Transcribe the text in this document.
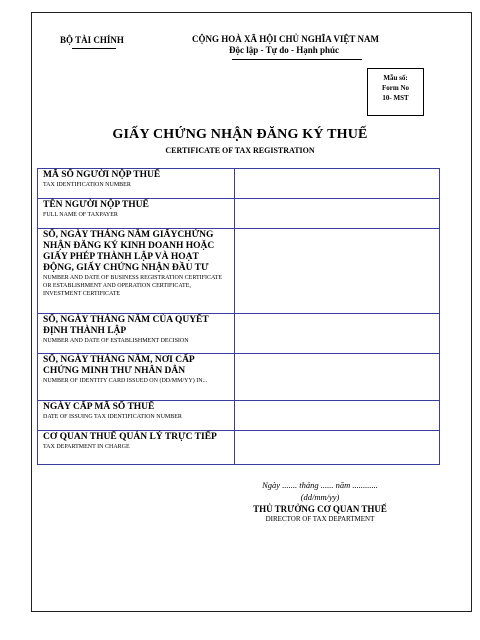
BỘ TÀI CHÍNH	CỘNG HOÀ XÃ HỘI CHỦ NGHĨA VIỆT NAM
Độc lập - Tự do - Hạnh phúc
Mẫu số:
Form No
10- MST
GIẤY CHỨNG NHẬN ĐĂNG KÝ THUẾ
CERTIFICATE OF TAX REGISTRATION
MÃ SỐ NGƯỜI NỘP THUẾ
TAX IDENTIFICATION NUMBER	

TÊN NGƯỜI NỘP THUẾ
FULL NAME OF TAXPAYER	

SỐ, NGÀY THÁNG NĂM GIẤYCHỨNG NHẬN ĐĂNG KÝ KINH DOANH HOẶC GIẤY PHÉP THÀNH LẬP VÀ HOẠT ĐỘNG, GIẤY CHỨNG NHẬN ĐẦU TƯ
NUMBER AND DATE OF BUSINESS REGISTRATION CERTIFICATE OR ESTABLISHMENT AND OPERATION CERTIFICATE, INVESTMENT CERTIFICATE	

SỐ, NGÀY THÁNG NĂM CỦA QUYẾT ĐỊNH THÀNH LẬP
NUMBER AND DATE OF ESTABLISHMENT DECISION	

SỐ, NGÀY THÁNG NĂM, NƠI CẤP CHỨNG MINH THƯ NHÂN DÂN
NUMBER OF IDENTITY CARD ISSUED ON (DD/MM/YY) IN...	

NGÀY CẤP MÃ SỐ THUẾ
DATE OF ISSUING TAX IDENTIFICATION NUMBER	

CƠ QUAN THUẾ QUẢN LÝ TRỰC TIẾP
TAX DEPARTMENT IN CHARGE	

Ngày ....... tháng ...... năm ............
(dd/mm/yy)
THỦ TRƯỞNG CƠ QUAN THUẾ
DIRECTOR OF TAX DEPARTMENT
